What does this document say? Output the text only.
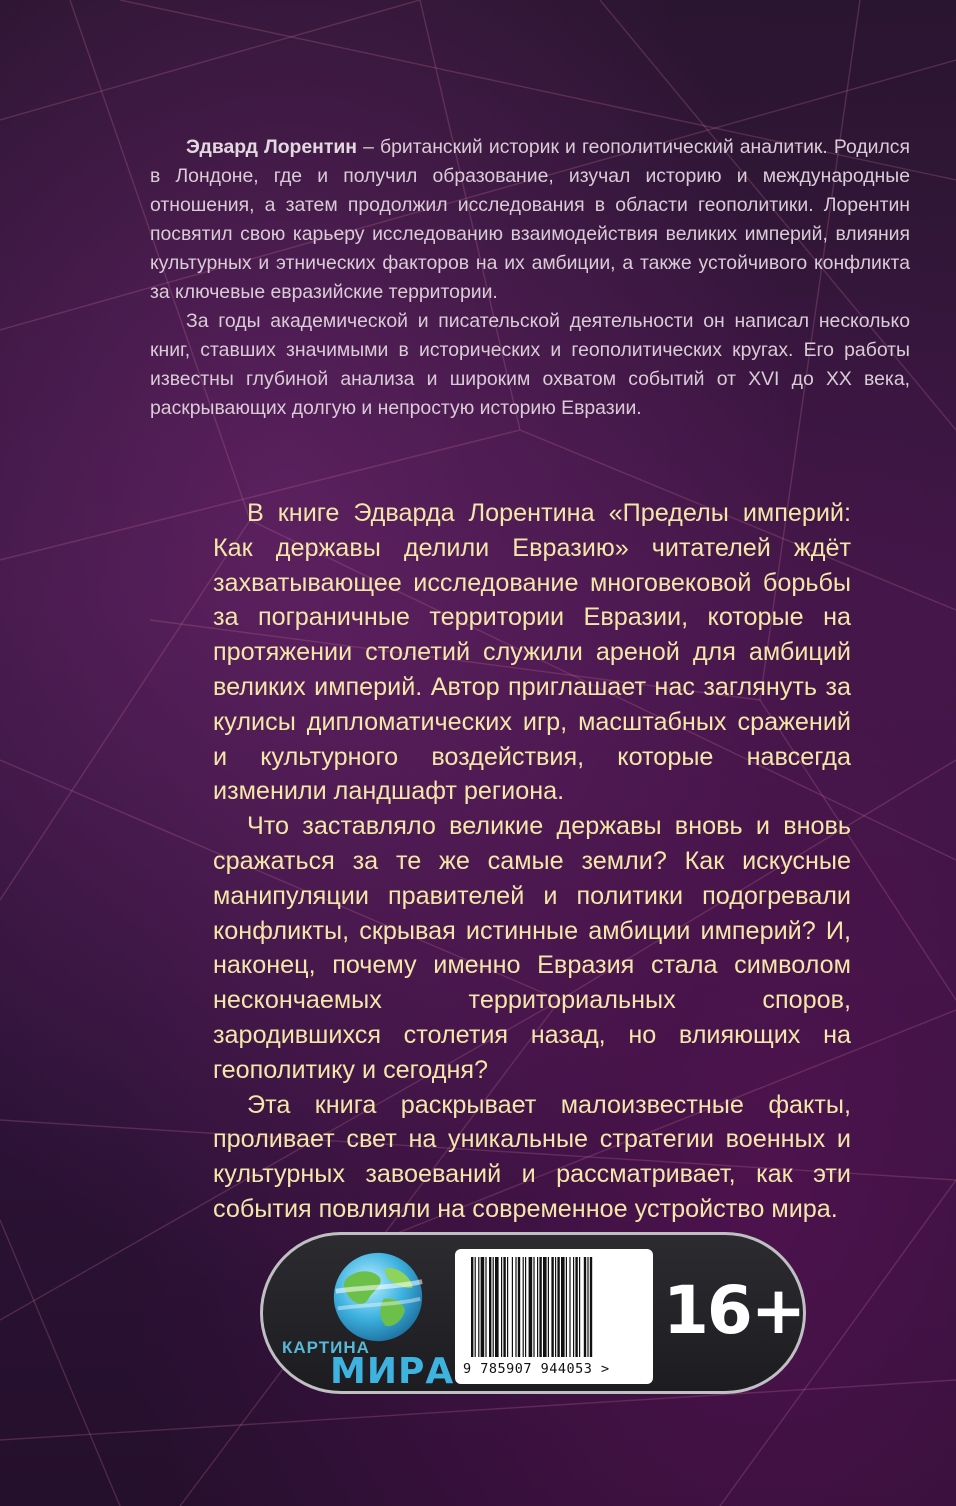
Эдвард Лорентин – британский историк и геополитический аналитик. Родился в Лондоне, где и получил образование, изучал историю и международные отношения, а затем продолжил исследования в области геополитики. Лорентин посвятил свою карьеру исследованию взаимодействия великих империй, влияния культурных и этнических факторов на их амбиции, а также устойчивого конфликта за ключевые евразийские территории.

За годы академической и писательской деятельности он написал несколько книг, ставших значимыми в исторических и геополитических кругах. Его работы известны глубиной анализа и широким охватом событий от XVI до XX века, раскрывающих долгую и непростую историю Евразии.

В книге Эдварда Лорентина «Пределы империй: Как державы делили Евразию» читателей ждёт захватывающее исследование многовековой борьбы за пограничные территории Евразии, которые на протяжении столетий служили ареной для амбиций великих империй. Автор приглашает нас заглянуть за кулисы дипломатических игр, масштабных сражений и культурного воздействия, которые навсегда изменили ландшафт региона.

Что заставляло великие державы вновь и вновь сражаться за те же самые земли? Как искусные манипуляции правителей и политики подогревали конфликты, скрывая истинные амбиции империй? И, наконец, почему именно Евразия стала символом нескончаемых территориальных споров, зародившихся столетия назад, но влияющих на геополитику и сегодня?

Эта книга раскрывает малоизвестные факты, проливает свет на уникальные стратегии военных и культурных завоеваний и рассматривает, как эти события повлияли на современное устройство мира.

КАРТИНА
МИРА 9 785907 944053 >
16+
